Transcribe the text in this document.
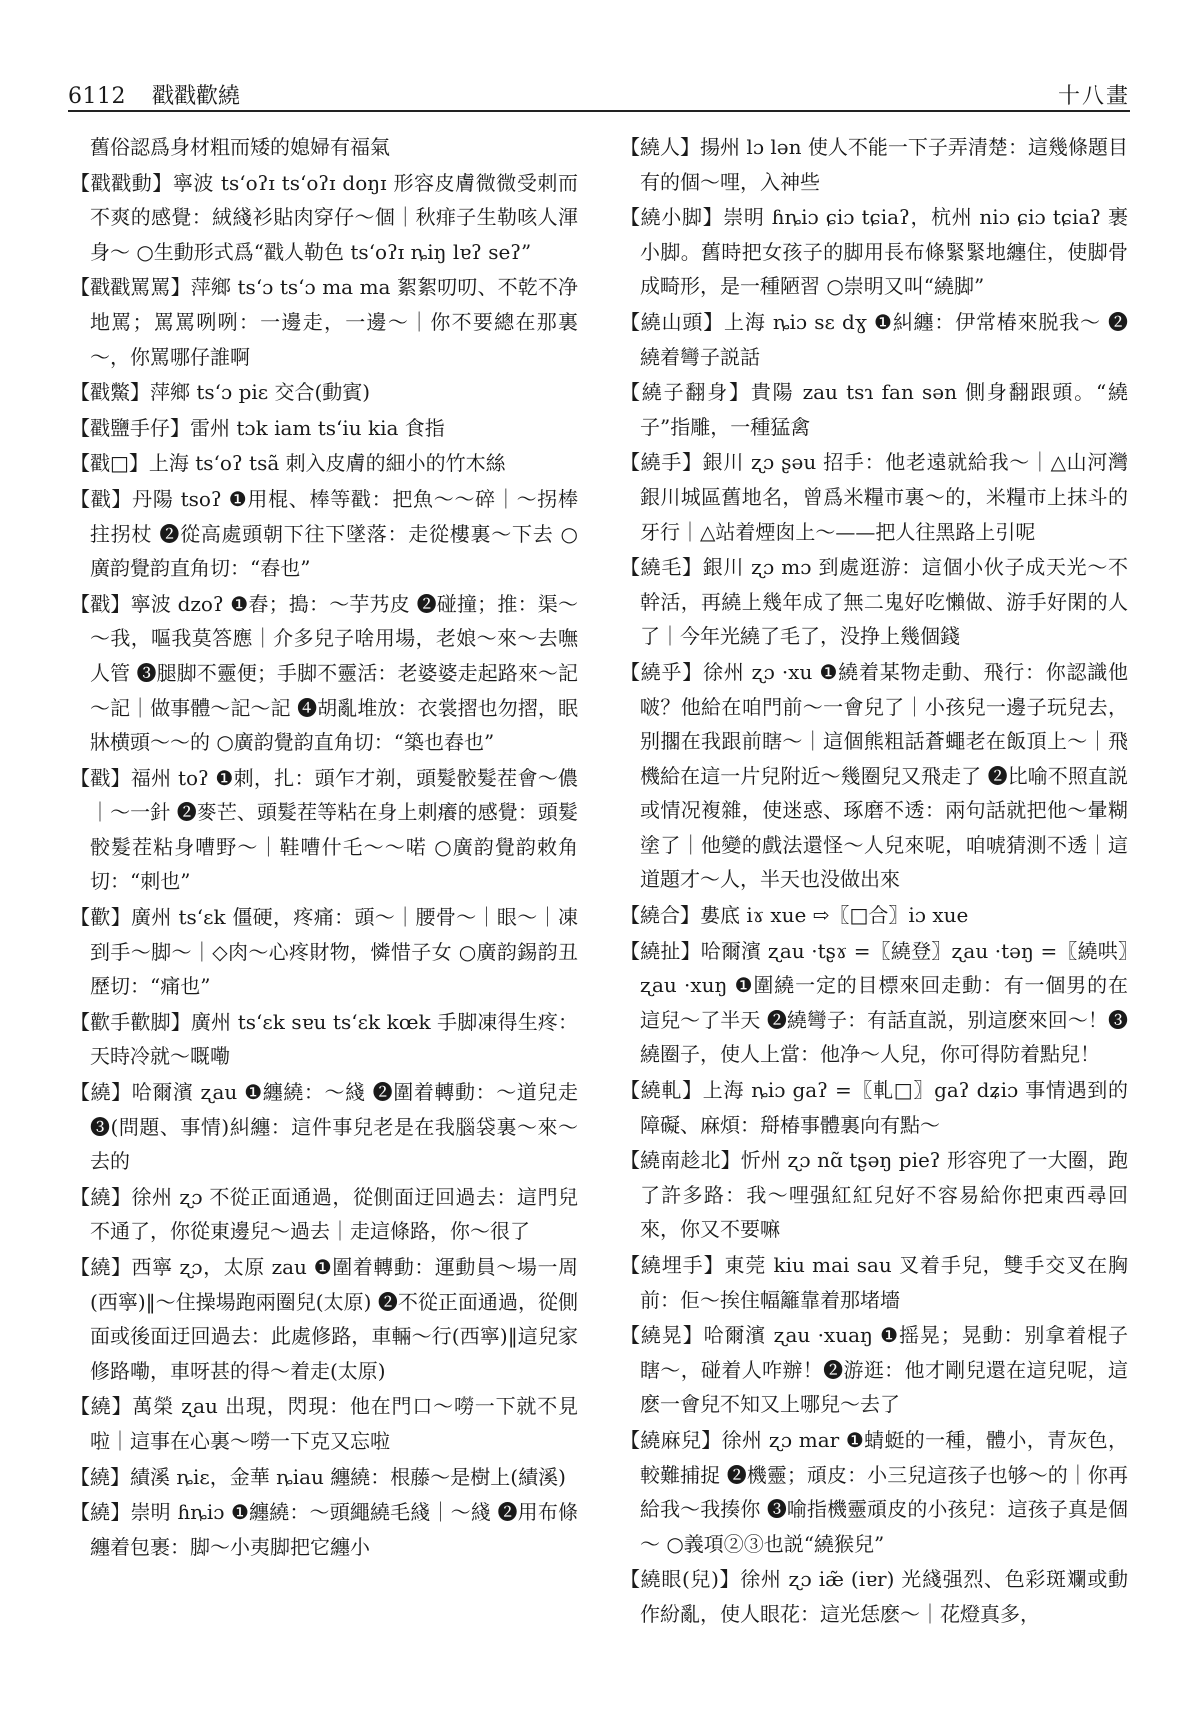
6112 戳戳歡繞	十八畫

舊俗認爲身材粗而矮的媳婦有福氣

【戳戳動】寧波 tsʻoʔɪ tsʻoʔɪ doŋɪ 形容皮膚微微受刺而不爽的感覺：絨綫衫貼肉穿仔～個｜秋痱子生勒咳人渾身～ ○生動形式爲“戳人勒色 tsʻoʔɪ ȵiŋ lɐʔ seʔ”

【戳戳罵罵】萍鄉 tsʻɔ tsʻɔ ma ma 絮絮叨叨、不乾不净地罵；罵罵咧咧：一邊走，一邊～｜你不要總在那裏～，你罵哪仔誰啊

【戳鱉】萍鄉 tsʻɔ piɛ 交合(動賓)

【戳鹽手仔】雷州 tɔk iam tsʻiu kia 食指

【戳□】上海 tsʻoʔ tsã 刺入皮膚的細小的竹木絲

【戳】丹陽 tsoʔ ❶用棍、棒等戳：把魚～～碎｜～拐棒拄拐杖 ❷從高處頭朝下往下墜落：走從樓裏～下去 ○廣韵覺韵直角切：“舂也”

【戳】寧波 dzoʔ ❶舂；搗：～芋艿皮 ❷碰撞；推：渠～～我，嘔我莫答應｜介多兒子啥用場，老娘～來～去嘸人管 ❸腿脚不靈便；手脚不靈活：老婆婆走起路來～記～記｜做事體～記～記 ❹胡亂堆放：衣裳摺也勿摺，眠牀横頭～～的 ○廣韵覺韵直角切：“築也舂也”

【戳】福州 toʔ ❶刺，扎：頭乍才剃，頭髮骹髮茬會～儂｜～一針 ❷麥芒、頭髮茬等粘在身上刺癢的感覺：頭髮骹髮茬粘身嘈野～｜鞋嘈什乇～～喏 ○廣韵覺韵敕角切：“刺也”

【歡】廣州 tsʻɛk 僵硬，疼痛：頭～｜腰骨～｜眼～｜凍到手～脚～｜◇肉～心疼財物，憐惜子女 ○廣韵錫韵丑歷切：“痛也”

【歡手歡脚】廣州 tsʻɛk sɐu tsʻɛk kœk 手脚凍得生疼：天時冷就～嘅嘞

【繞】哈爾濱 ʐau ❶纏繞：～綫 ❷圍着轉動：～道兒走 ❸(問題、事情)糾纏：這件事兒老是在我腦袋裏～來～去的

【繞】徐州 ʐɔ 不從正面通過，從側面迂回過去：這門兒不通了，你從東邊兒～過去｜走這條路，你～很了

【繞】西寧 ʐɔ，太原 zau ❶圍着轉動：運動員～場一周(西寧)‖～住操場跑兩圈兒(太原) ❷不從正面通過，從側面或後面迂回過去：此處修路，車輛～行(西寧)‖這兒家修路嘞，車呀甚的得～着走(太原)

【繞】萬榮 ʐau 出現，閃現：他在門口～嘮一下就不見啦｜這事在心裏～嘮一下克又忘啦

【繞】績溪 ȵiɛ，金華 ȵiau 纏繞：根藤～是樹上(績溪)

【繞】崇明 ɦȵiɔ ❶纏繞：～頭繩繞毛綫｜～綫 ❷用布條纏着包裹：脚～小夷脚把它纏小

【繞人】揚州 lɔ lən 使人不能一下子弄清楚：這幾條題目有的個～哩，入神些

【繞小脚】崇明 ɦȵiɔ ɕiɔ tɕiaʔ，杭州 niɔ ɕiɔ tɕiaʔ 裹小脚。舊時把女孩子的脚用長布條緊緊地纏住，使脚骨成畸形，是一種陋習 ○崇明又叫“繞脚”

【繞山頭】上海 ȵiɔ sɛ dɣ ❶糾纏：伊常椿來脱我～ ❷繞着彎子説話

【繞子翻身】貴陽 zau tsɿ fan sən 側身翻跟頭。“繞子”指雕，一種猛禽

【繞手】銀川 ʐɔ ʂəu 招手：他老遠就給我～｜△山河灣銀川城區舊地名，曾爲米糧市裏～的，米糧市上抹斗的牙行｜△站着煙囱上～——把人往黑路上引呢

【繞毛】銀川 ʐɔ mɔ 到處逛游：這個小伙子成天光～不幹活，再繞上幾年成了無二鬼好吃懶做、游手好閑的人了｜今年光繞了毛了，没挣上幾個錢

【繞乎】徐州 ʐɔ ·xu ❶繞着某物走動、飛行：你認識他啵？他給在咱門前～一會兒了｜小孩兒一邊子玩兒去，别擱在我跟前瞎～｜這個熊粗話蒼蠅老在飯頂上～｜飛機給在這一片兒附近～幾圈兒又飛走了 ❷比喻不照直説或情况複雜，使迷惑、琢磨不透：兩句話就把他～暈糊塗了｜他變的戲法還怪～人兒來呢，咱唬猜測不透｜這道題才～人，半天也没做出來

【繞合】婁底 iɤ xue ⇨〖□合〗iɔ xue

【繞扯】哈爾濱 ʐau ·tʂɤ =〖繞登〗ʐau ·təŋ =〖繞哄〗ʐau ·xuŋ ❶圍繞一定的目標來回走動：有一個男的在這兒～了半天 ❷繞彎子：有話直説，别這麽來回～！❸繞圈子，使人上當：他净～人兒，你可得防着點兒！

【繞軋】上海 ȵiɔ gaʔ =〖軋□〗gaʔ dʑiɔ 事情遇到的障礙、麻煩：搿椿事體裏向有點～

【繞南趁北】忻州 ʐɔ nɑ̃ tʂəŋ pieʔ 形容兜了一大圈，跑了許多路：我～哩强紅紅兒好不容易給你把東西尋回來，你又不要嘛

【繞埋手】東莞 kiu mai sau 叉着手兒，雙手交叉在胸前：佢～挨住幅籬靠着那堵墻

【繞晃】哈爾濱 ʐau ·xuaŋ ❶摇晃；晃動：别拿着棍子瞎～，碰着人咋辦！❷游逛：他才剛兒還在這兒呢，這麽一會兒不知又上哪兒～去了

【繞麻兒】徐州 ʐɔ mar ❶蜻蜓的一種，體小，青灰色，較難捕捉 ❷機靈；頑皮：小三兒這孩子也够～的｜你再給我～我揍你 ❸喻指機靈頑皮的小孩兒：這孩子真是個～ ○義項②③也説“繞猴兒”

【繞眼(兒)】徐州 ʐɔ iæ̃ (iɐr) 光綫强烈、色彩斑斕或動作紛亂，使人眼花：這光恁麽～｜花燈真多，
